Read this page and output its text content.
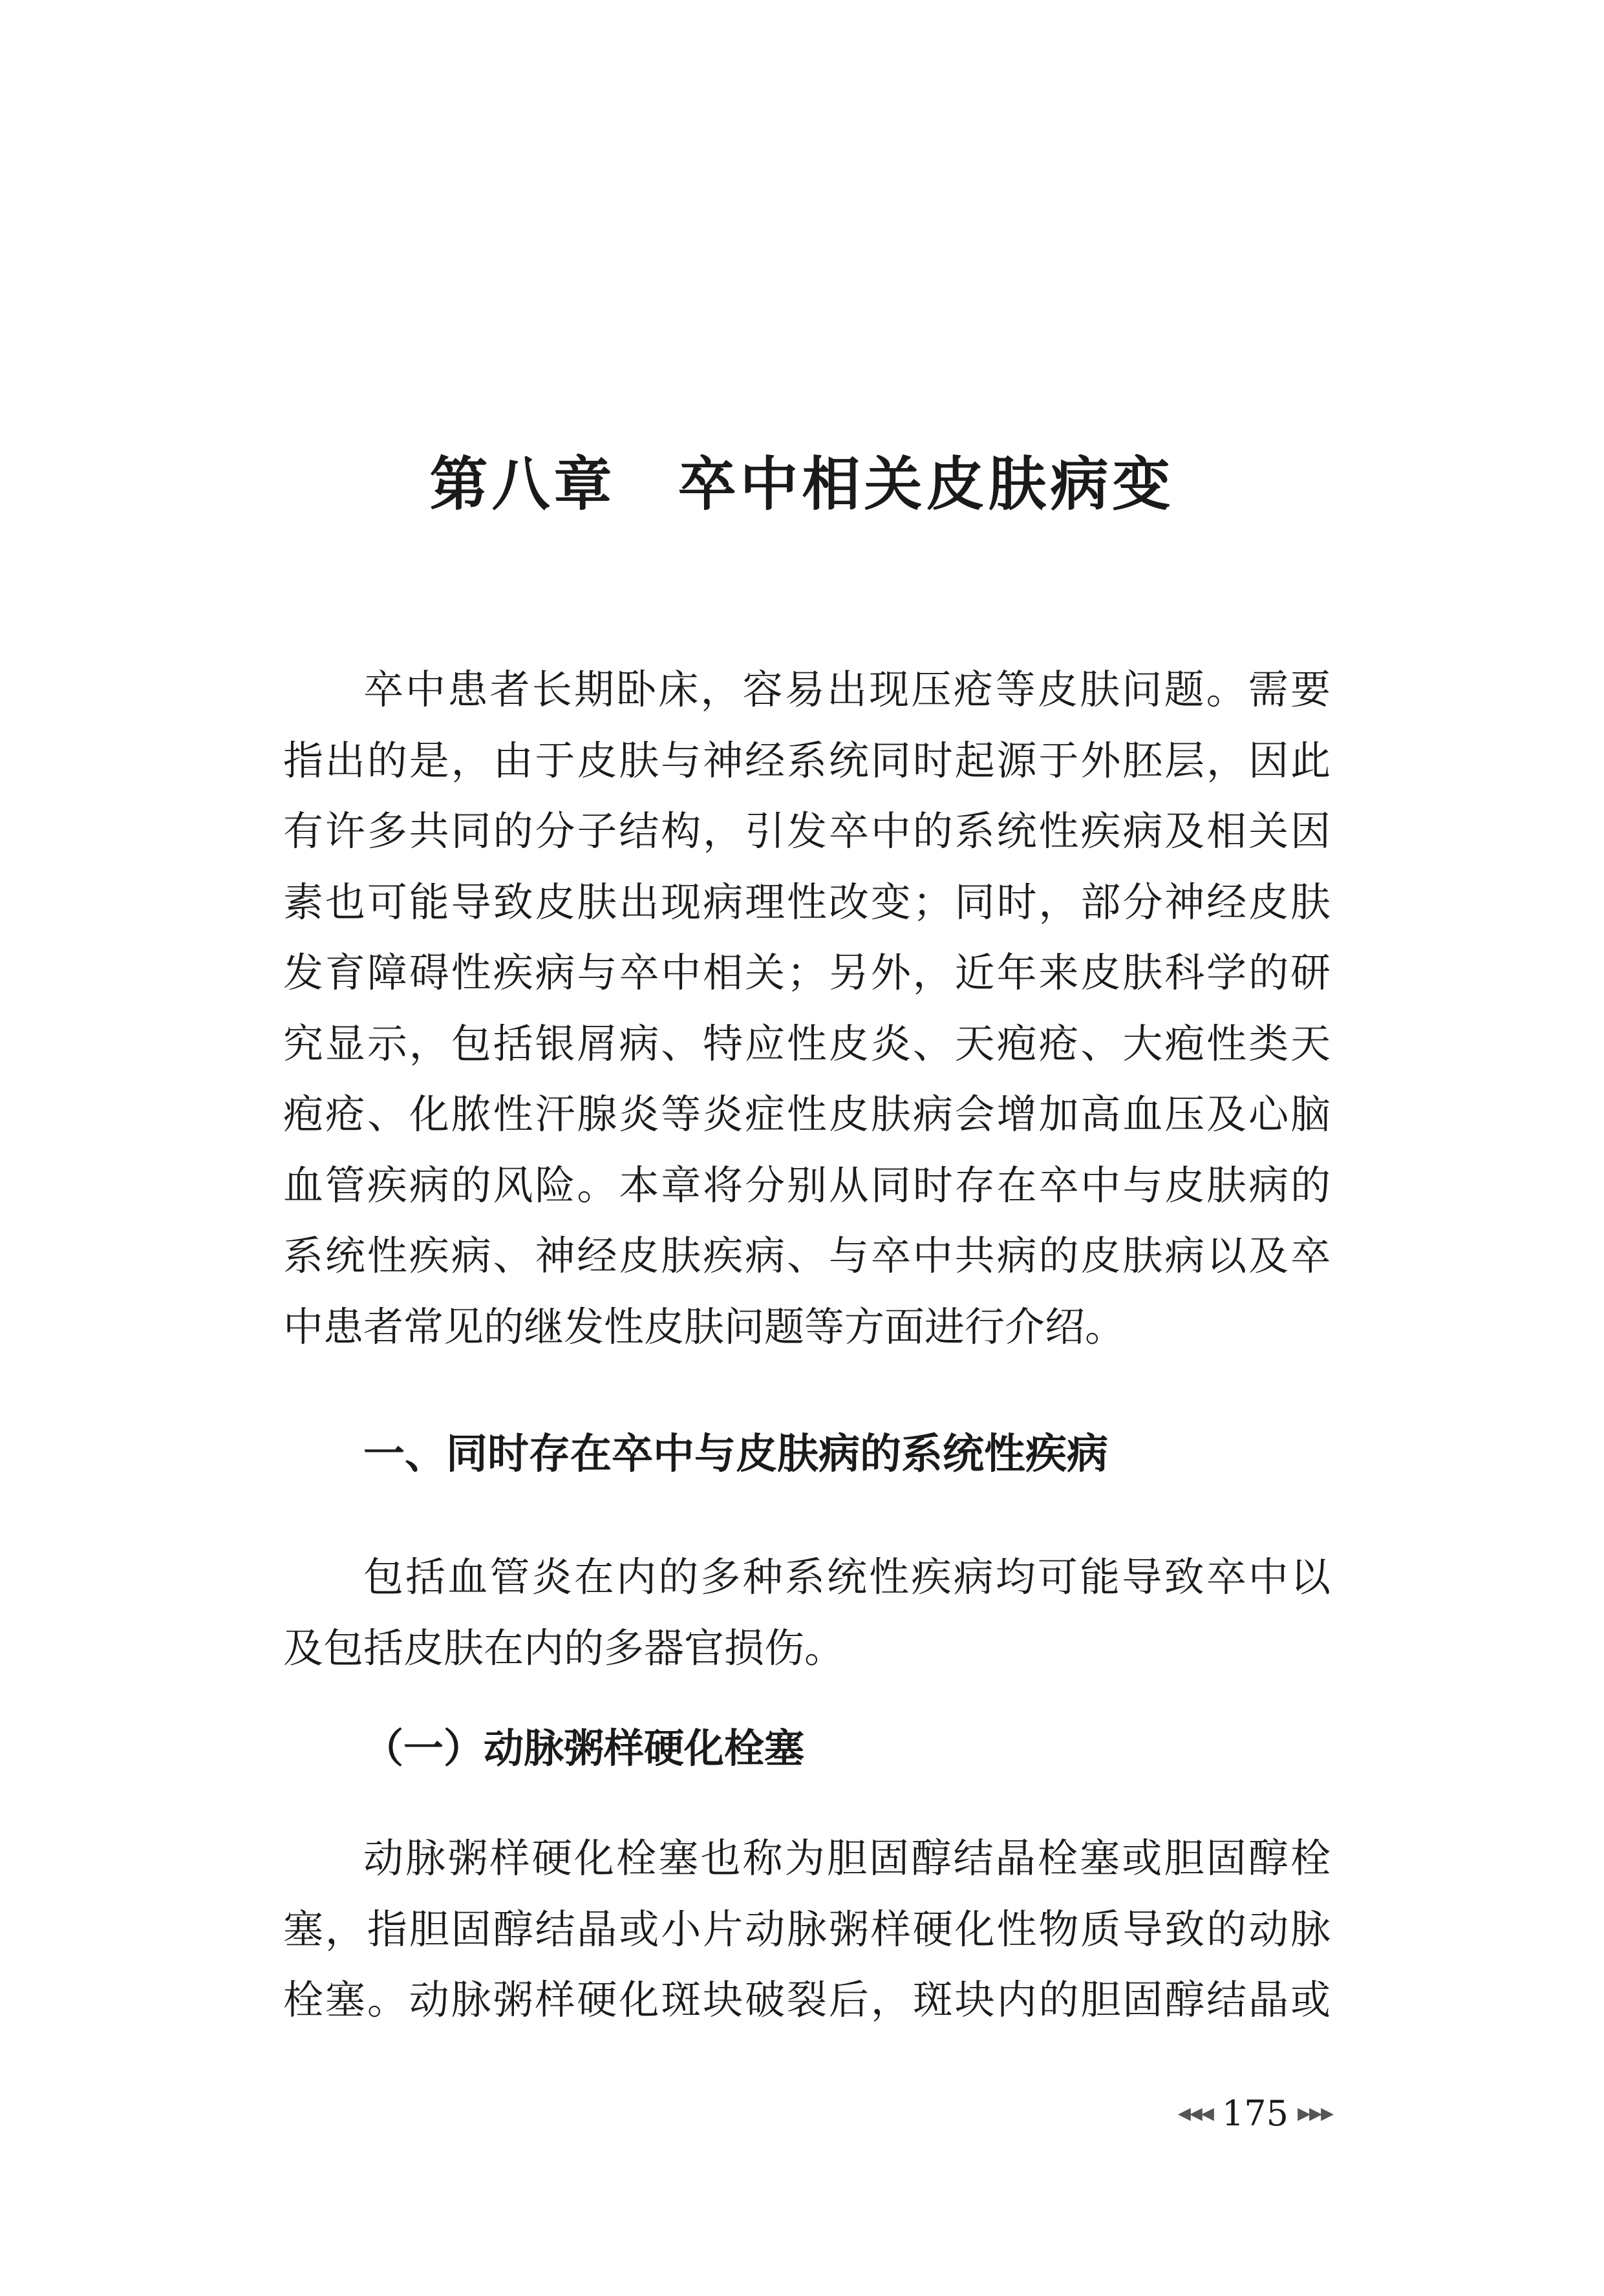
第八章　卒中相关皮肤病变

卒中患者长期卧床，容易出现压疮等皮肤问题。需要
指出的是，由于皮肤与神经系统同时起源于外胚层，因此
有许多共同的分子结构，引发卒中的系统性疾病及相关因
素也可能导致皮肤出现病理性改变；同时，部分神经皮肤
发育障碍性疾病与卒中相关；另外，近年来皮肤科学的研
究显示，包括银屑病、特应性皮炎、天疱疮、大疱性类天
疱疮、化脓性汗腺炎等炎症性皮肤病会增加高血压及心脑
血管疾病的风险。本章将分别从同时存在卒中与皮肤病的
系统性疾病、神经皮肤疾病、与卒中共病的皮肤病以及卒
中患者常见的继发性皮肤问题等方面进行介绍。

一、同时存在卒中与皮肤病的系统性疾病

包括血管炎在内的多种系统性疾病均可能导致卒中以
及包括皮肤在内的多器官损伤。

（一）动脉粥样硬化栓塞

动脉粥样硬化栓塞也称为胆固醇结晶栓塞或胆固醇栓
塞，指胆固醇结晶或小片动脉粥样硬化性物质导致的动脉
栓塞。动脉粥样硬化斑块破裂后，斑块内的胆固醇结晶或

◀◀◀ 175 ▶▶▶
